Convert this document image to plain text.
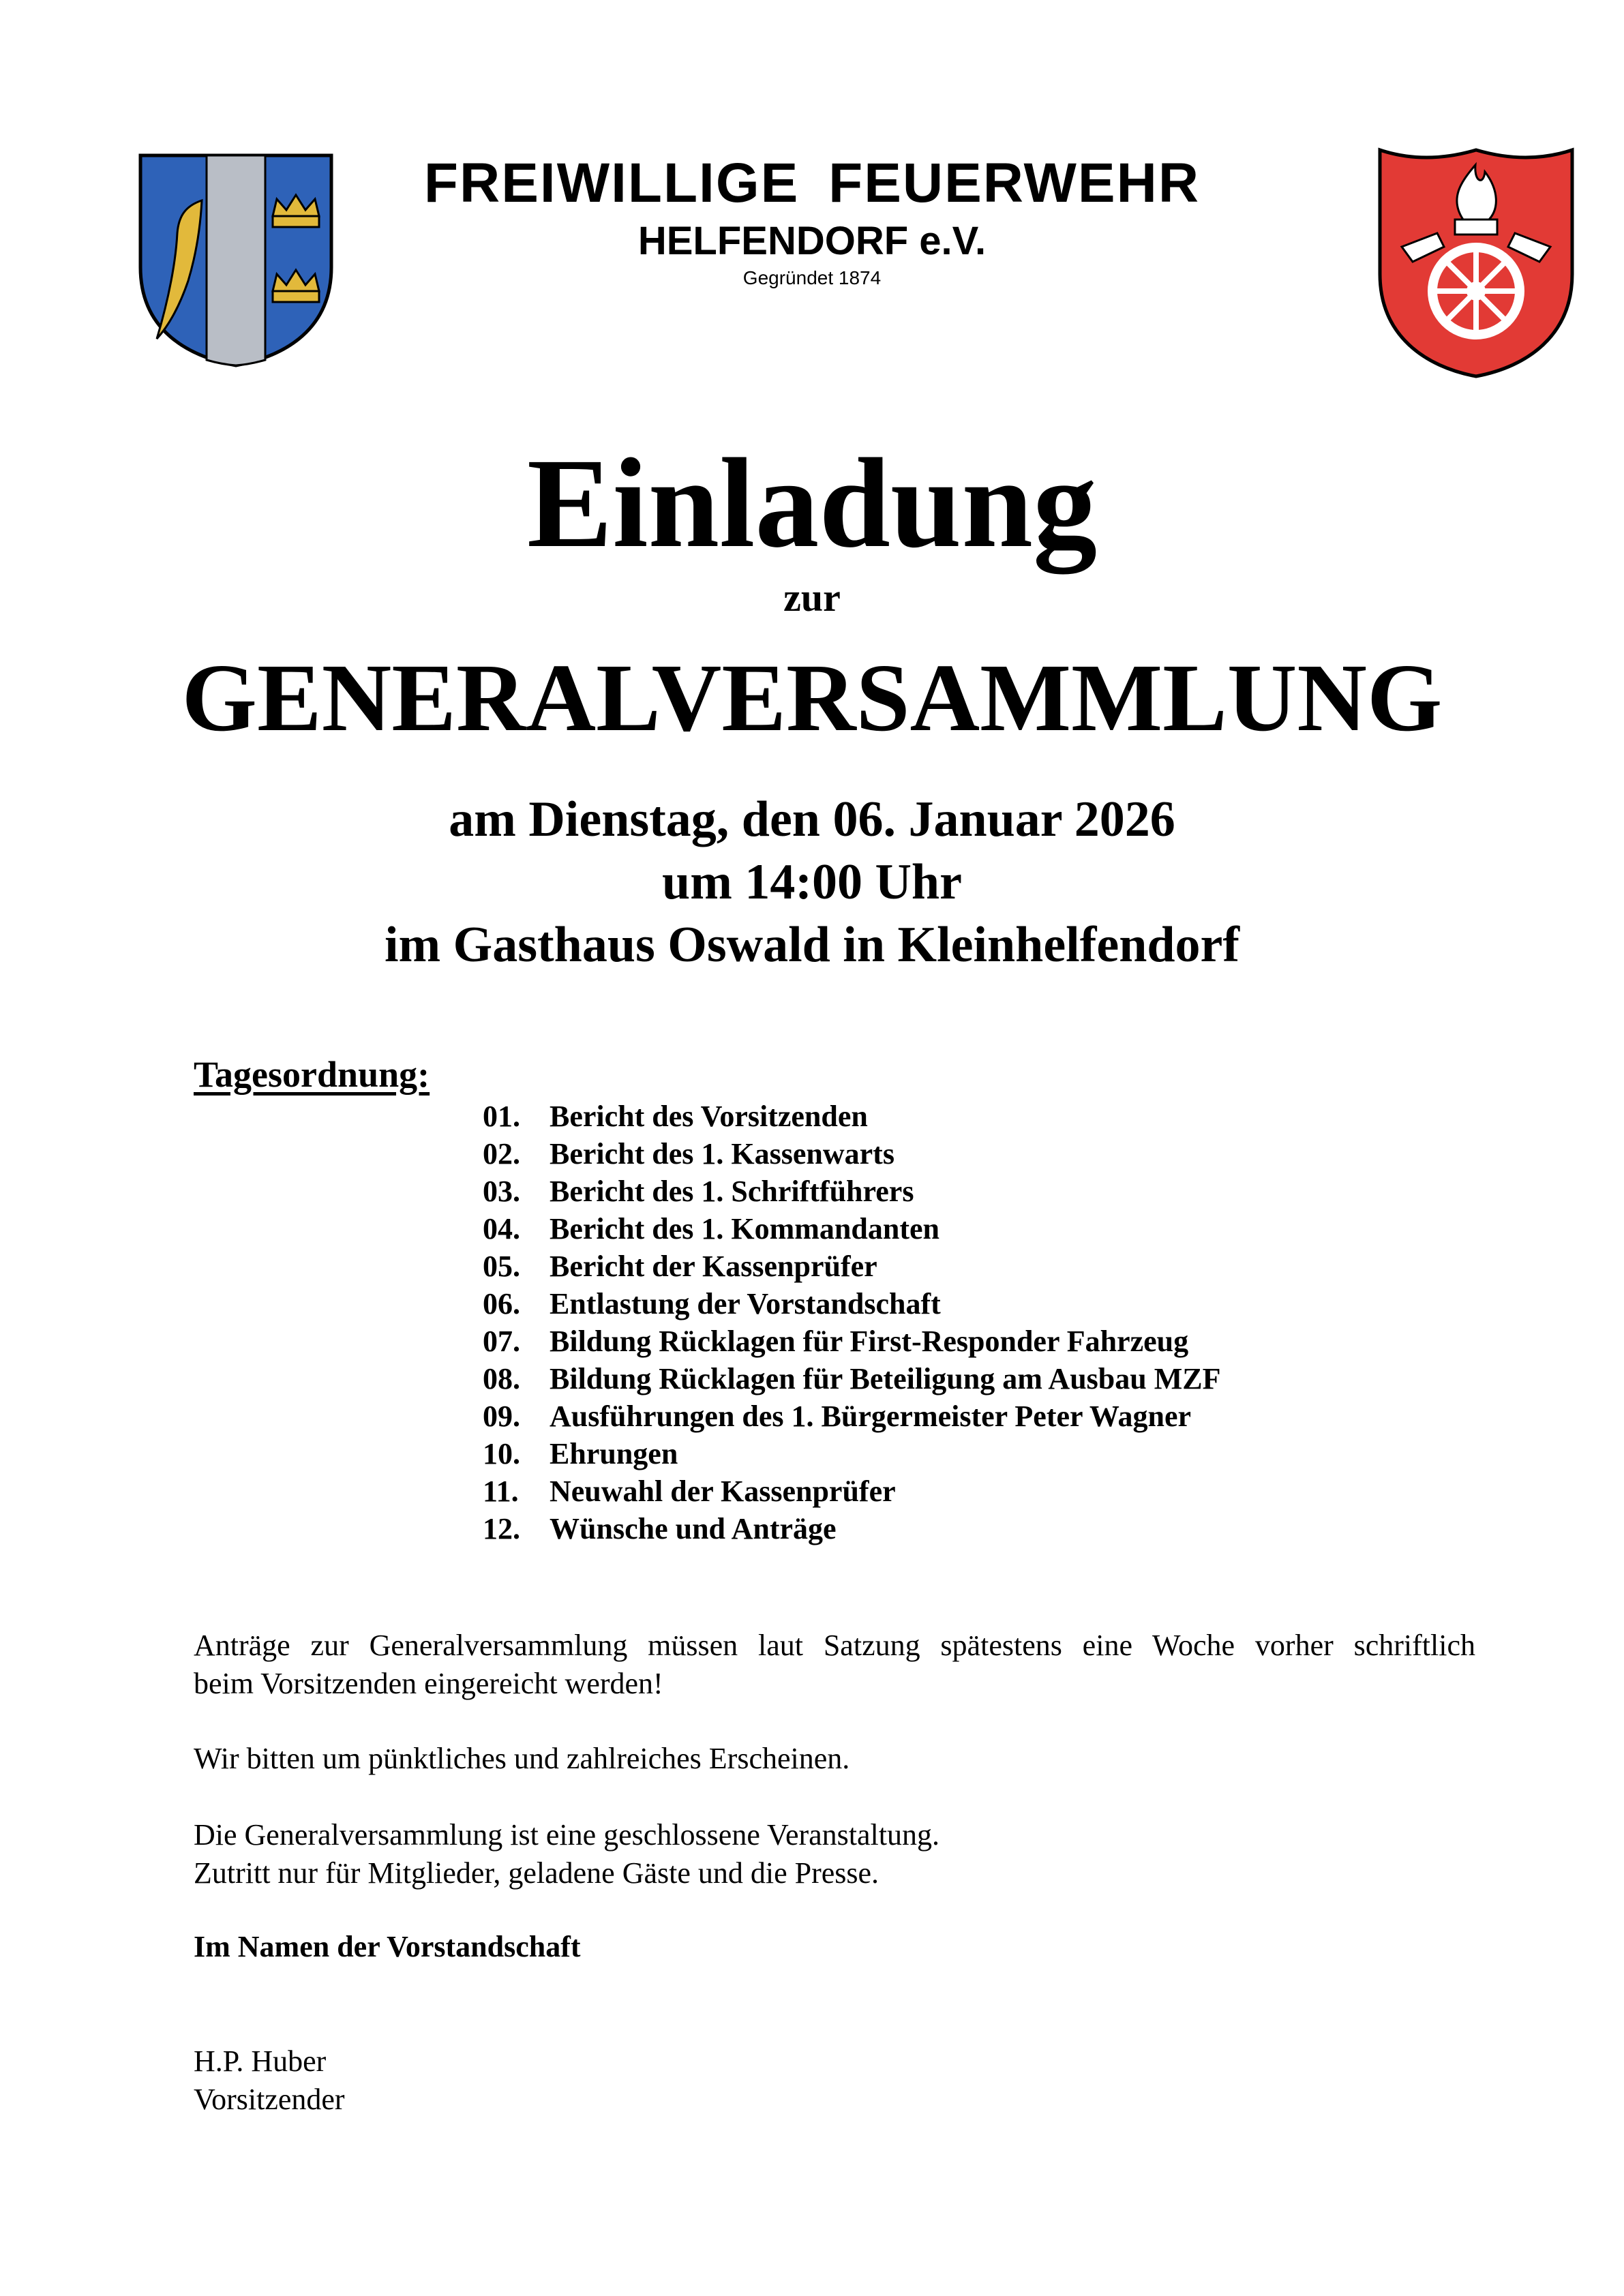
FREIWILLIGE FEUERWEHR
HELFENDORF e.V.
Gegründet 1874
Einladung
zur
GENERALVERSAMMLUNG
am Dienstag, den 06. Januar 2026
um 14:00 Uhr
im Gasthaus Oswald in Kleinhelfendorf
Tagesordnung:
01. Bericht des Vorsitzenden
02. Bericht des 1. Kassenwarts
03. Bericht des 1. Schriftführers
04. Bericht des 1. Kommandanten
05. Bericht der Kassenprüfer
06. Entlastung der Vorstandschaft
07. Bildung Rücklagen für First-Responder Fahrzeug
08. Bildung Rücklagen für Beteiligung am Ausbau MZF
09. Ausführungen des 1. Bürgermeister Peter Wagner
10. Ehrungen
11.	Neuwahl der Kassenprüfer
12. Wünsche und Anträge
Anträge zur Generalversammlung müssen laut Satzung spätestens eine Woche vorher schriftlich
beim Vorsitzenden eingereicht werden!
Wir bitten um pünktliches und zahlreiches Erscheinen.
Die Generalversammlung ist eine geschlossene Veranstaltung.
Zutritt nur für Mitglieder, geladene Gäste und die Presse.
Im Namen der Vorstandschaft
H.P. Huber
Vorsitzender
